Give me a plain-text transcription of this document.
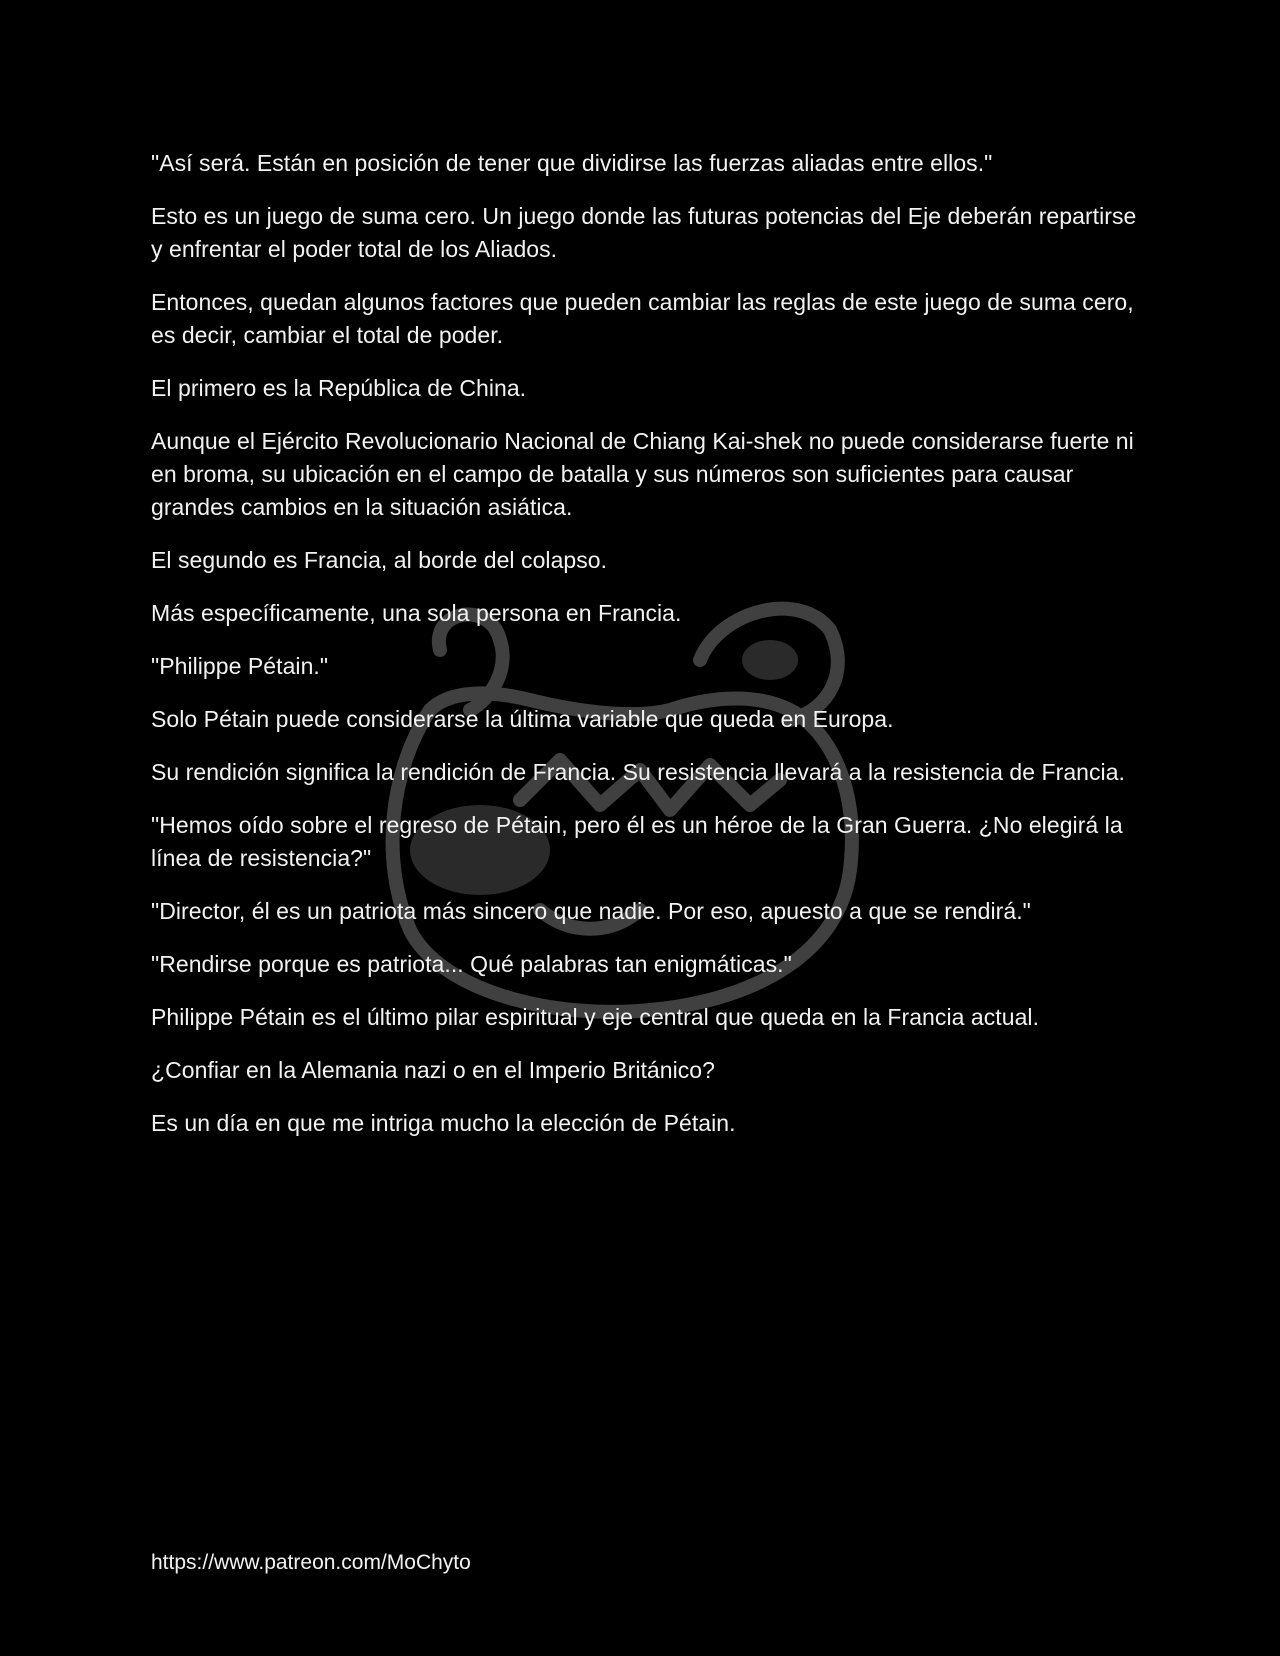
"Así será. Están en posición de tener que dividirse las fuerzas aliadas entre ellos."

Esto es un juego de suma cero. Un juego donde las futuras potencias del Eje deberán repartirse y enfrentar el poder total de los Aliados.

Entonces, quedan algunos factores que pueden cambiar las reglas de este juego de suma cero, es decir, cambiar el total de poder.

El primero es la República de China.

Aunque el Ejército Revolucionario Nacional de Chiang Kai-shek no puede considerarse fuerte ni en broma, su ubicación en el campo de batalla y sus números son suficientes para causar grandes cambios en la situación asiática.

El segundo es Francia, al borde del colapso.

Más específicamente, una sola persona en Francia.

"Philippe Pétain."

Solo Pétain puede considerarse la última variable que queda en Europa.

Su rendición significa la rendición de Francia. Su resistencia llevará a la resistencia de Francia.

"Hemos oído sobre el regreso de Pétain, pero él es un héroe de la Gran Guerra. ¿No elegirá la línea de resistencia?"

"Director, él es un patriota más sincero que nadie. Por eso, apuesto a que se rendirá."

"Rendirse porque es patriota... Qué palabras tan enigmáticas."

Philippe Pétain es el último pilar espiritual y eje central que queda en la Francia actual.

¿Confiar en la Alemania nazi o en el Imperio Británico?

Es un día en que me intriga mucho la elección de Pétain.

https://www.patreon.com/MoChyto
